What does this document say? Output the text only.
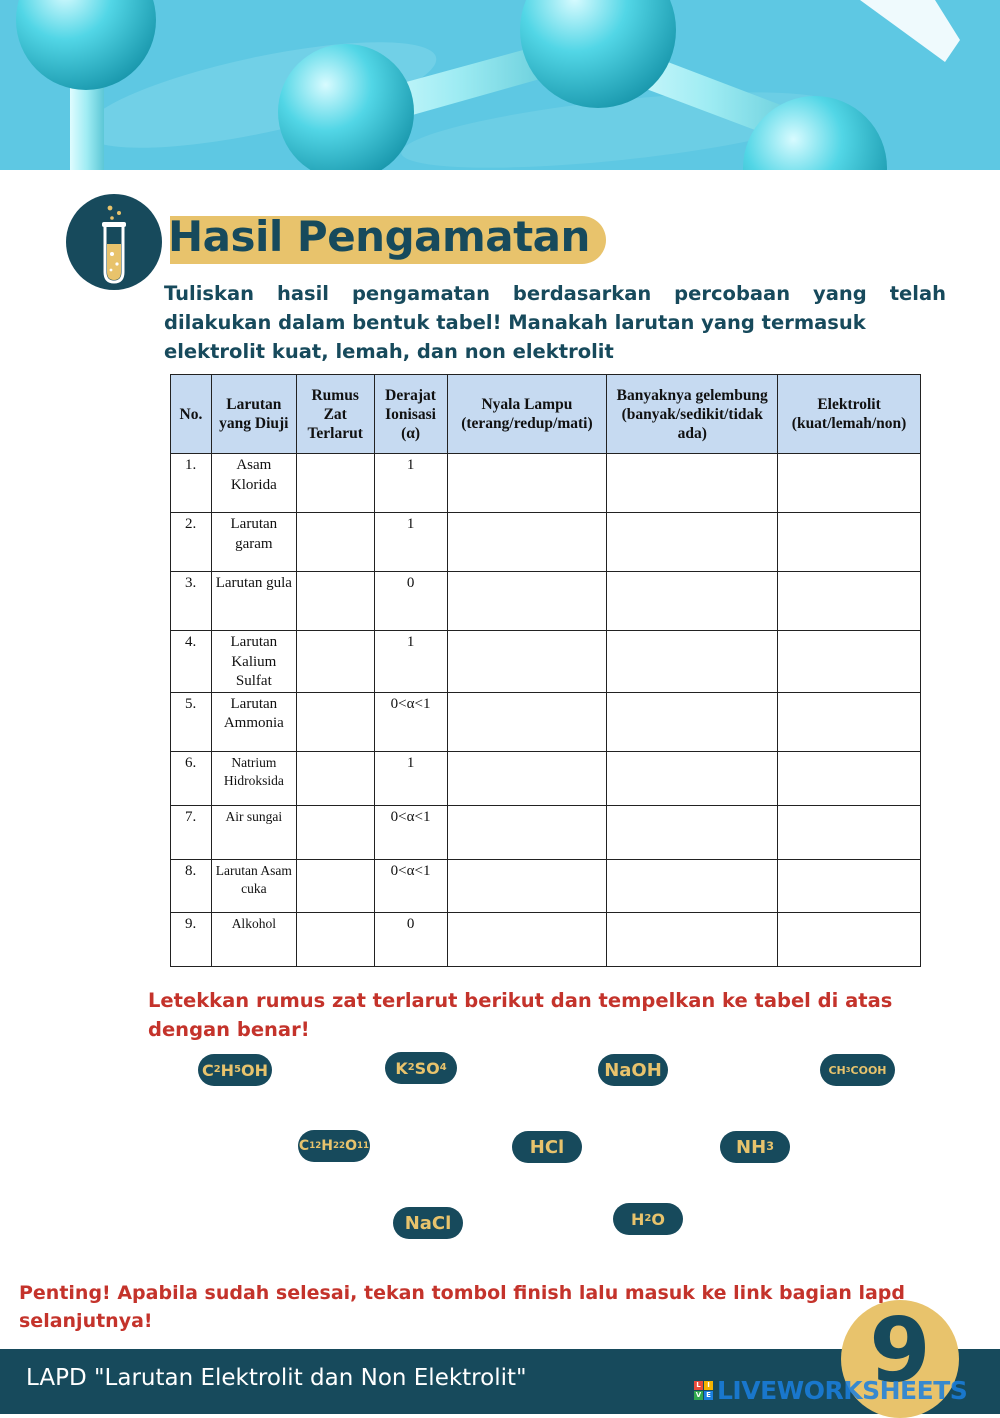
Hasil Pengamatan
Tuliskan hasil pengamatan berdasarkan percobaan yang telah dilakukan dalam bentuk tabel! Manakah larutan yang termasuk
elektrolit kuat, lemah, dan non elektrolit
No.	Larutan yang Diuji	Rumus Zat Terlarut	Derajat Ionisasi (α)	Nyala Lampu (terang/redup/mati)	Banyaknya gelembung (banyak/sedikit/tidak ada)	Elektrolit (kuat/lemah/non)
1.	Asam Klorida		1			
2.	Larutan garam		1			
3.	Larutan gula		0			
4.	Larutan Kalium Sulfat		1			
5.	Larutan Ammonia		0<α<1			
6.	Natrium Hidroksida		1			
7.	Air sungai		0<α<1			
8.	Larutan Asam cuka		0<α<1			
9.	Alkohol		0			
Letekkan rumus zat terlarut berikut dan tempelkan ke tabel di atas
dengan benar!
C 2 H 5 OH	K 2 SO 4	NaOH	CH 3 COOH
C 12 H 22 O 11	HCl	NH 3
NaCl	H 2 O
Penting! Apabila sudah selesai, tekan tombol finish lalu masuk ke link bagian lapd selanjutnya!
LAPD "Larutan Elektrolit dan Non Elektrolit"	9
L I
V E LIVEWORKSHEETS
